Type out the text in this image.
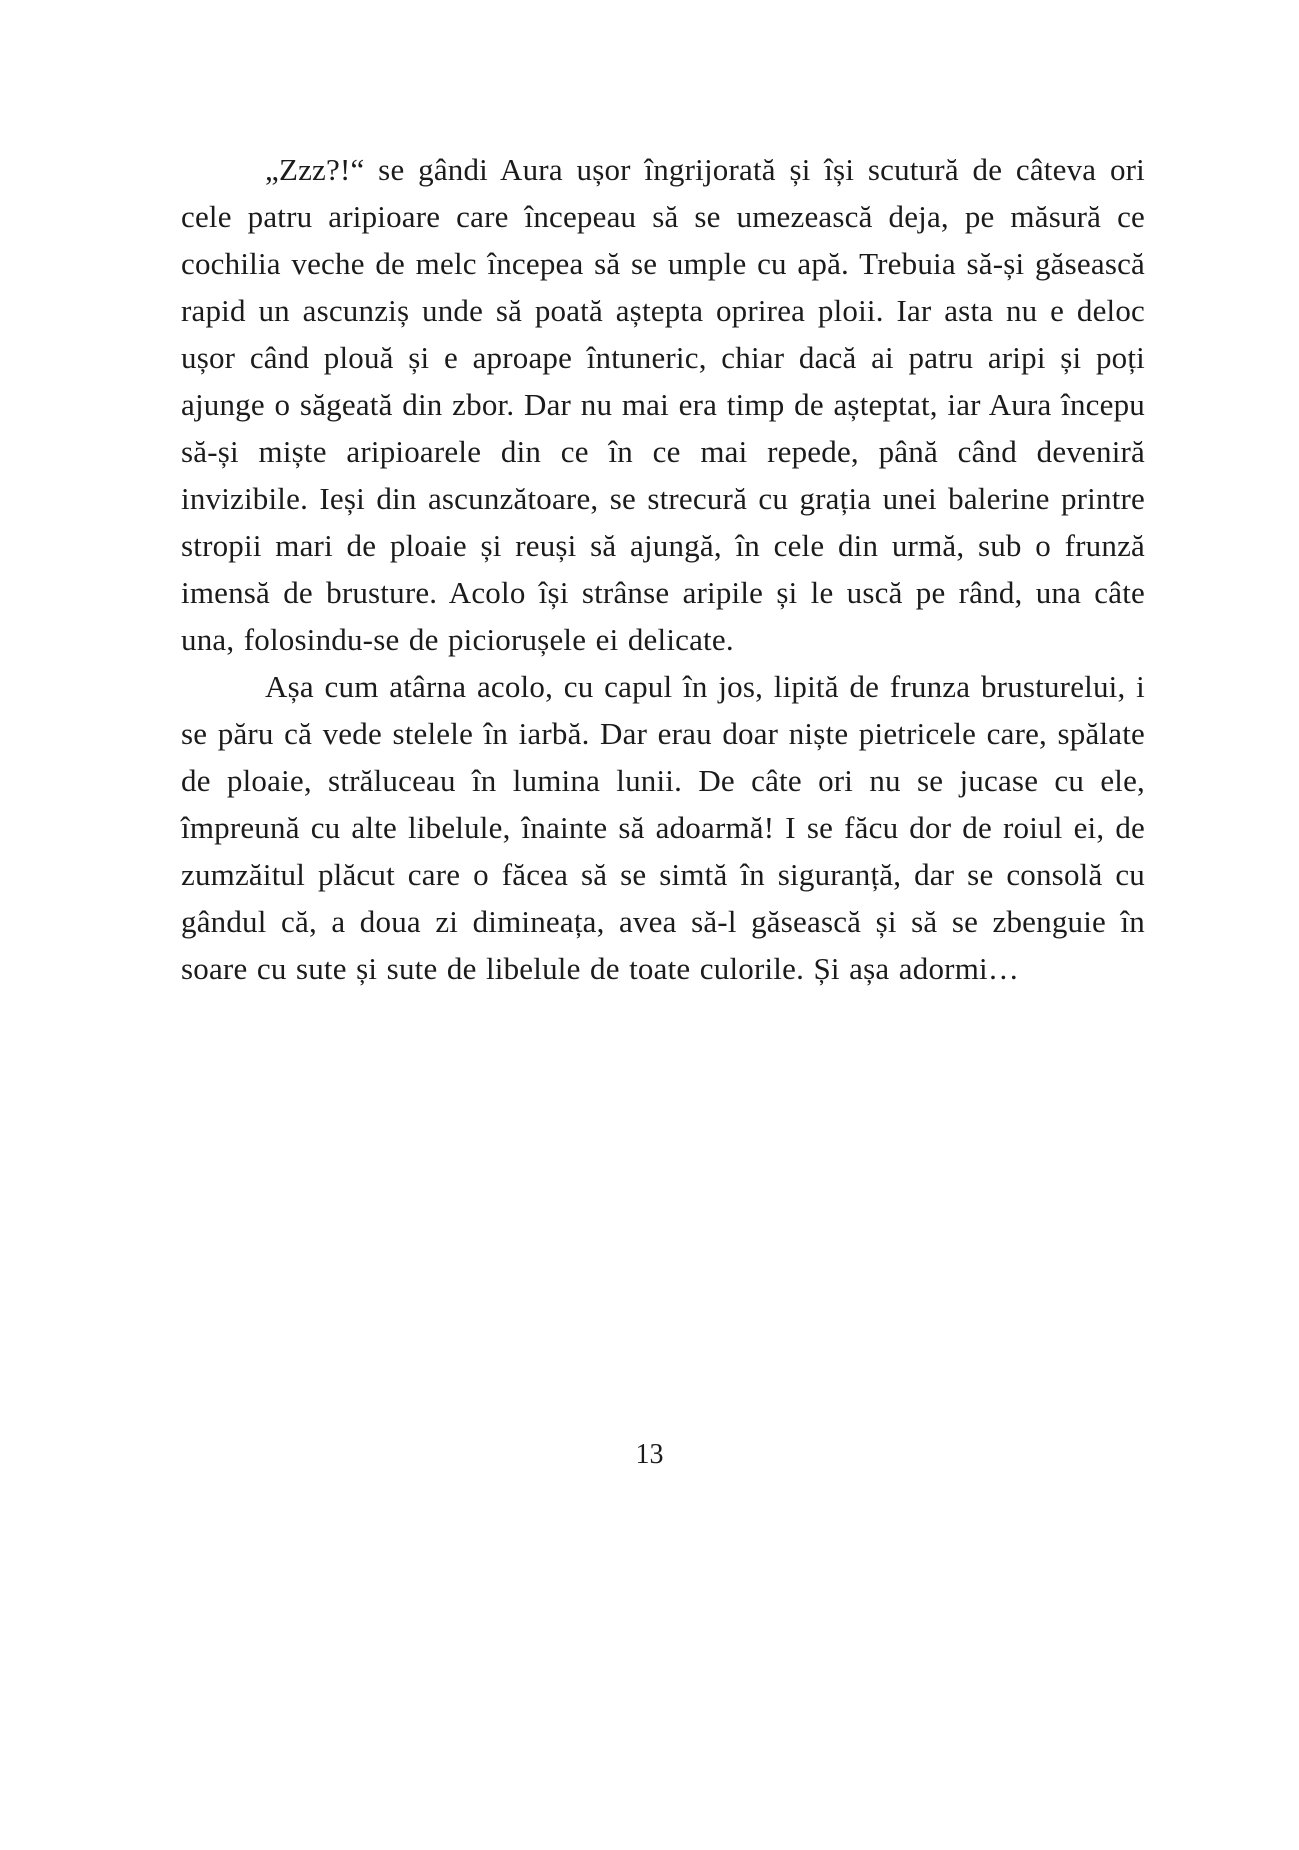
„Zzz?!“ se gândi Aura ușor îngrijorată și își scutură de câteva ori cele patru aripioare care începeau să se umezească deja, pe măsură ce cochilia veche de melc începea să se umple cu apă. Trebuia să-și găsească rapid un ascunziș unde să poată aștepta oprirea ploii. Iar asta nu e deloc ușor când plouă și e aproape întuneric, chiar dacă ai patru aripi și poți ajunge o săgeată din zbor. Dar nu mai era timp de așteptat, iar Aura începu să-și miște aripioarele din ce în ce mai repede, până când deveniră invizibile. Ieși din ascunzătoare, se strecură cu grația unei balerine printre stropii mari de ploaie și reuși să ajungă, în cele din urmă, sub o frunză imensă de brusture. Acolo își strânse aripile și le uscă pe rând, una câte una, folosindu-se de piciorușele ei delicate.

Așa cum atârna acolo, cu capul în jos, lipită de frunza brusturelui, i se păru că vede stelele în iarbă. Dar erau doar niște pietricele care, spălate de ploaie, străluceau în lumina lunii. De câte ori nu se jucase cu ele, împreună cu alte libelule, înainte să adoarmă! I se făcu dor de roiul ei, de zumzăitul plăcut care o făcea să se simtă în siguranță, dar se consolă cu gândul că, a doua zi dimineața, avea să-l găsească și să se zbenguie în soare cu sute și sute de libelule de toate culorile. Și așa adormi…

13
